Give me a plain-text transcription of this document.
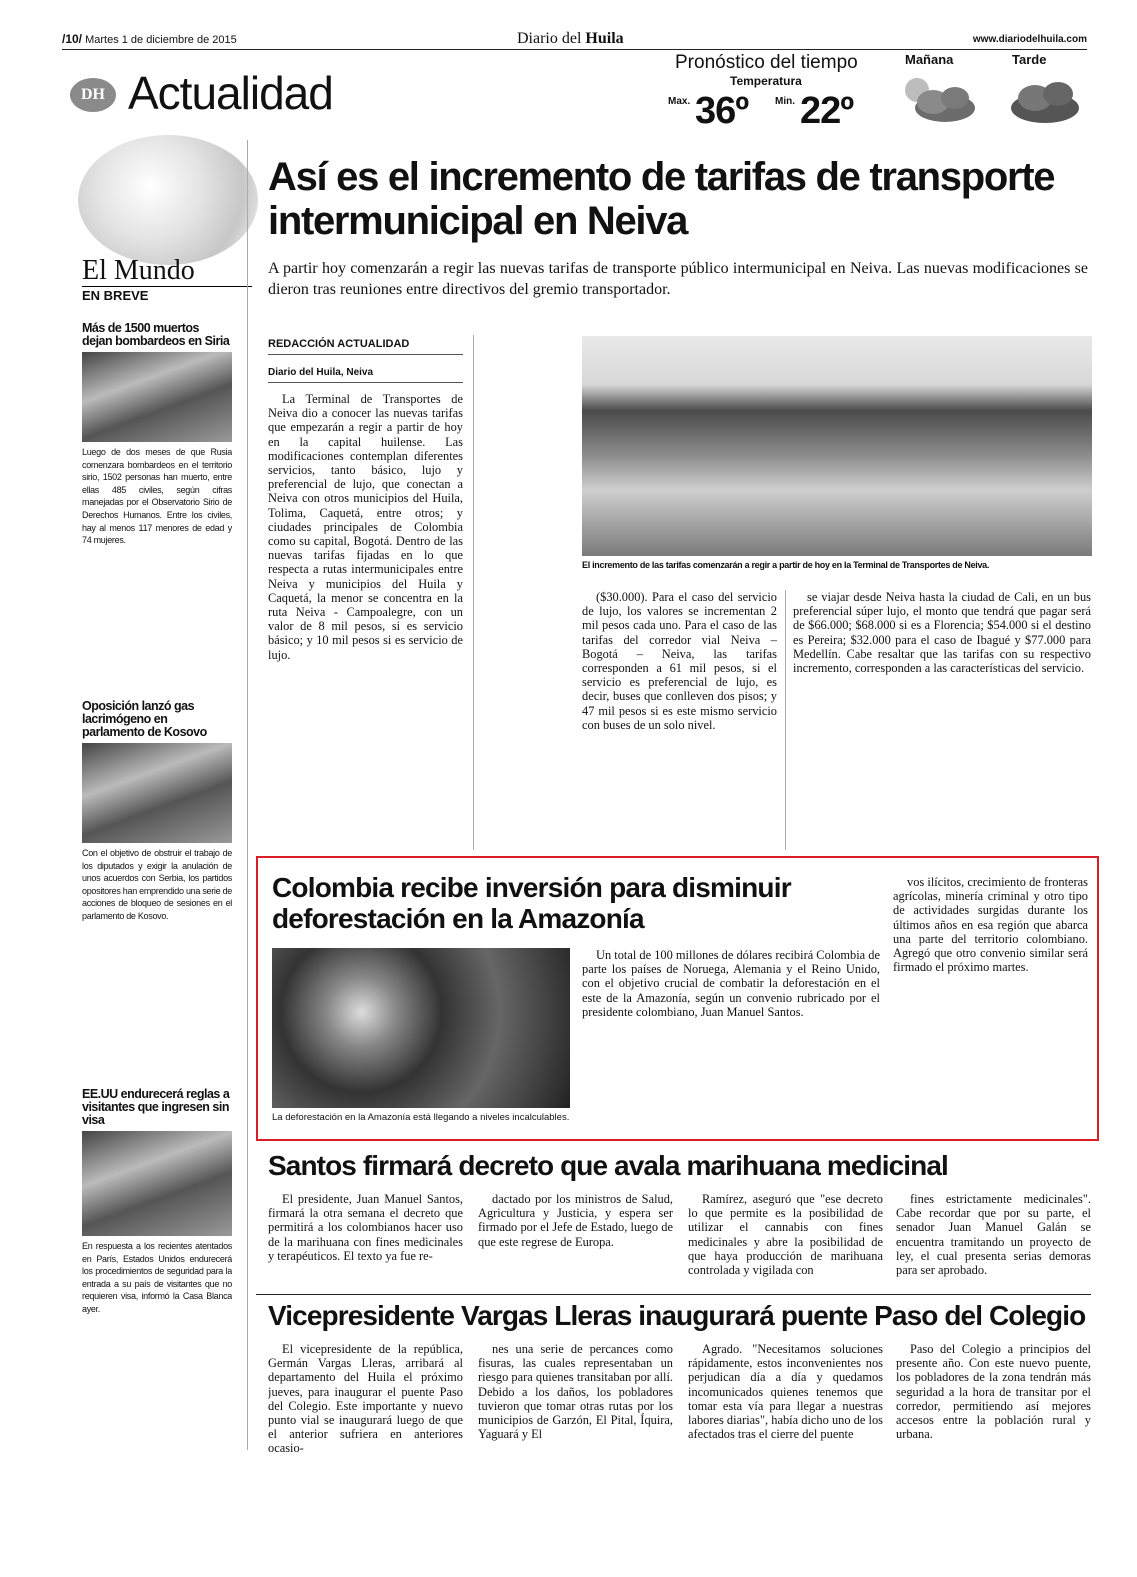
/10/ Martes 1 de diciembre de 2015	Diario del Huila	www.diariodelhuila.com
DH Actualidad
Pronóstico del tiempo
Temperatura
Max. 36º	Min. 22º
Mañana	Tarde
El Mundo
EN BREVE
Más de 1500 muertos dejan bombardeos en Siria

Luego de dos meses de que Rusia comenzara bombardeos en el territorio sirio, 1502 personas han muerto, entre ellas 485 civiles, según cifras manejadas por el Observatorio Sirio de Derechos Humanos. Entre los civiles, hay al menos 117 menores de edad y 74 mujeres.

Oposición lanzó gas lacrimógeno en parlamento de Kosovo

Con el objetivo de obstruir el trabajo de los diputados y exigir la anulación de unos acuerdos con Serbia, los partidos opositores han emprendido una serie de acciones de bloqueo de sesiones en el parlamento de Kosovo.

EE.UU endurecerá reglas a visitantes que ingresen sin visa

En respuesta a los recientes atentados en París, Estados Unidos endurecerá los procedimientos de seguridad para la entrada a su país de visitantes que no requieren visa, informó la Casa Blanca ayer.

Así es el incremento de tarifas de transporte intermunicipal en Neiva
A partir hoy comenzarán a regir las nuevas tarifas de transporte público intermunicipal en Neiva. Las nuevas modificaciones se dieron tras reuniones entre directivos del gremio transportador.
REDACCIÓN ACTUALIDAD
Diario del Huila, Neiva

La Terminal de Transportes de Neiva dio a conocer las nuevas tarifas que empezarán a regir a partir de hoy en la capital huilense. Las modificaciones contemplan diferentes servicios, tanto básico, lujo y preferencial de lujo, que conectan a Neiva con otros municipios del Huila, Tolima, Caquetá, entre otros; y ciudades principales de Colombia como su capital, Bogotá. Dentro de las nuevas tarifas fijadas en lo que respecta a rutas intermunicipales entre Neiva y municipios del Huila y Caquetá, la menor se concentra en la ruta Neiva - Campoalegre, con un valor de 8 mil pesos, si es servicio básico; y 10 mil pesos si es servicio de lujo.

El incremento de las tarifas comenzarán a regir a partir de hoy en la Terminal de Transportes de Neiva.

($30.000). Para el caso del servicio de lujo, los valores se incrementan 2 mil pesos cada uno. Para el caso de las tarifas del corredor vial Neiva – Bogotá – Neiva, las tarifas corresponden a 61 mil pesos, si el servicio es preferencial de lujo, es decir, buses que conlleven dos pisos; y 47 mil pesos si es este mismo servicio con buses de un solo nivel.

se viajar desde Neiva hasta la ciudad de Cali, en un bus preferencial súper lujo, el monto que tendrá que pagar será de $66.000; $68.000 si es a Florencia; $54.000 si el destino es Pereira; $32.000 para el caso de Ibagué y $77.000 para Medellín. Cabe resaltar que las tarifas con su respectivo incremento, corresponden a las características del servicio.

Colombia recibe inversión para disminuir deforestación en la Amazonía
La deforestación en la Amazonía está llegando a niveles incalculables.

Un total de 100 millones de dólares recibirá Colombia de parte los países de Noruega, Alemania y el Reino Unido, con el objetivo crucial de combatir la deforestación en el este de la Amazonía, según un convenio rubricado por el presidente colombiano, Juan Manuel Santos.

vos ilícitos, crecimiento de fronteras agrícolas, minería criminal y otro tipo de actividades surgidas durante los últimos años en esa región que abarca una parte del territorio colombiano. Agregó que otro convenio similar será firmado el próximo martes.

Santos firmará decreto que avala marihuana medicinal

El presidente, Juan Manuel Santos, firmará la otra semana el decreto que permitirá a los colombianos hacer uso de la marihuana con fines medicinales y terapéuticos. El texto ya fue re-

dactado por los ministros de Salud, Agricultura y Justicia, y espera ser firmado por el Jefe de Estado, luego de que este regrese de Europa.

Ramírez, aseguró que "ese decreto lo que permite es la posibilidad de utilizar el cannabis con fines medicinales y abre la posibilidad de que haya producción de marihuana controlada y vigilada con

fines estrictamente medicinales". Cabe recordar que por su parte, el senador Juan Manuel Galán se encuentra tramitando un proyecto de ley, el cual presenta serias demoras para ser aprobado.

Vicepresidente Vargas Lleras inaugurará puente Paso del Colegio

El vicepresidente de la república, Germán Vargas Lleras, arribará al departamento del Huila el próximo jueves, para inaugurar el puente Paso del Colegio. Este importante y nuevo punto vial se inaugurará luego de que el anterior sufriera en anteriores ocasio-

nes una serie de percances como fisuras, las cuales representaban un riesgo para quienes transitaban por allí. Debido a los daños, los pobladores tuvieron que tomar otras rutas por los municipios de Garzón, El Pital, Íquira, Yaguará y El

Agrado. "Necesitamos soluciones rápidamente, estos inconvenientes nos perjudican día a día y quedamos incomunicados quienes tenemos que tomar esta vía para llegar a nuestras labores diarias", había dicho uno de los afectados tras el cierre del puente

Paso del Colegio a principios del presente año. Con este nuevo puente, los pobladores de la zona tendrán más seguridad a la hora de transitar por el corredor, permitiendo así mejores accesos entre la población rural y urbana.
